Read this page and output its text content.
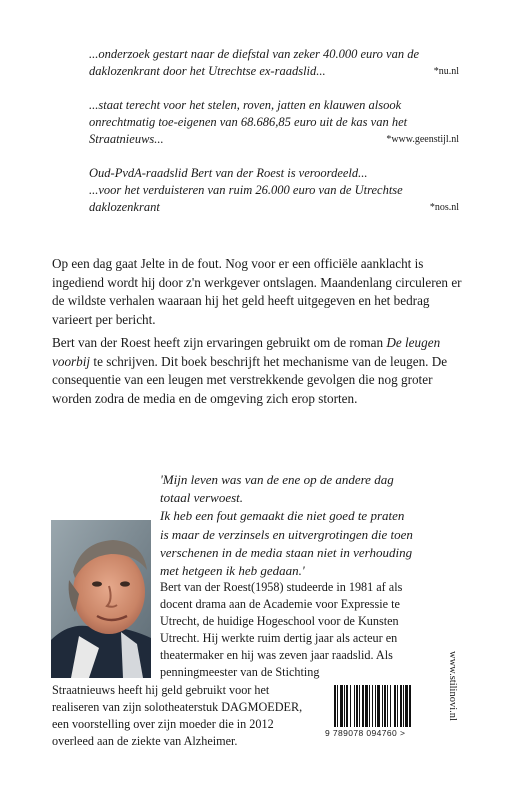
...onderzoek gestart naar de diefstal van zeker 40.000 euro van de

daklozenkrant door het Utrechtse ex-raadslid...	*nu.nl

...staat terecht voor het stelen, roven, jatten en klauwen alsook

onrechtmatig toe-eigenen van 68.686,85 euro uit de kas van het

Straatnieuws...	*www.geenstijl.nl

Oud-PvdA-raadslid Bert van der Roest is veroordeeld...

...voor het verduisteren van ruim 26.000 euro van de Utrechtse

daklozenkrant	*nos.nl
Op een dag gaat Jelte in de fout. Nog voor er een officiële aanklacht is ingediend wordt hij door z'n werkgever ontslagen. Maandenlang circuleren er de wildste verhalen waaraan hij het geld heeft uitgegeven en het bedrag varieert per bericht.
Bert van der Roest heeft zijn ervaringen gebruikt om de roman De leugen voorbij te schrijven. Dit boek beschrijft het mechanisme van de leugen. De consequentie van een leugen met verstrekkende gevolgen die nog groter worden zodra de media en de omgeving zich erop storten.

'Mijn leven was van de ene op de andere dag

totaal verwoest.

Ik heb een fout gemaakt die niet goed te praten

is maar de verzinsels en uitvergrotingen die toen

verschenen in de media staan niet in verhouding

met hetgeen ik heb gedaan.'

Bert van der Roest(1958) studeerde in 1981 af als
docent drama aan de Academie voor Expressie te
Utrecht, de huidige Hogeschool voor de Kunsten
Utrecht. Hij werkte ruim dertig jaar als acteur en
theatermaker en hij was zeven jaar raadslid. Als
penningmeester van de Stichting
Straatnieuws heeft hij geld gebruikt voor het
realiseren van zijn solotheaterstuk DAGMOEDER,
een voorstelling over zijn moeder die in 2012
overleed aan de ziekte van Alzheimer.
9 789078 094760 >
www.stilinovi.nl
